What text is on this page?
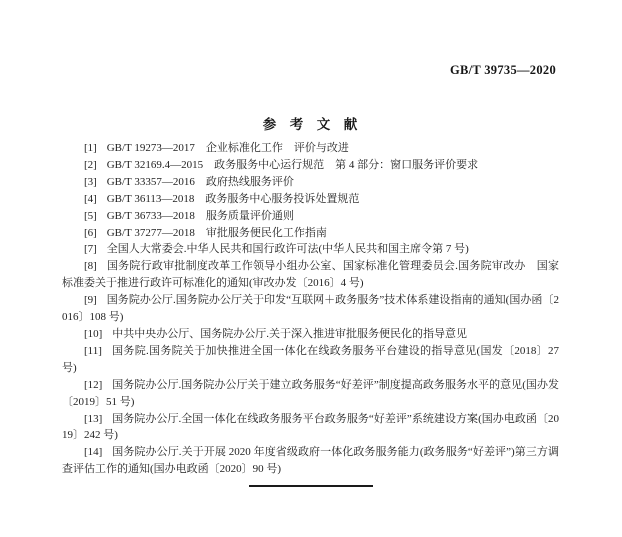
GB/T 39735—2020
参　考　文　献

[1] GB/T 19273—2017　企业标准化工作　评价与改进

[2] GB/T 32169.4—2015　政务服务中心运行规范　第 4 部分：窗口服务评价要求

[3] GB/T 33357—2016　政府热线服务评价

[4] GB/T 36113—2018　政务服务中心服务投诉处置规范

[5] GB/T 36733—2018　服务质量评价通则

[6] GB/T 37277—2018　审批服务便民化工作指南

[7] 全国人大常委会.中华人民共和国行政许可法(中华人民共和国主席令第 7 号)

[8] 国务院行政审批制度改革工作领导小组办公室、国家标准化管理委员会.国务院审改办　国家标准委关于推进行政许可标准化的通知(审改办发〔2016〕4 号)

[9] 国务院办公厅.国务院办公厅关于印发“互联网＋政务服务”技术体系建设指南的通知(国办函〔2016〕108 号)

[10] 中共中央办公厅、国务院办公厅.关于深入推进审批服务便民化的指导意见

[11] 国务院.国务院关于加快推进全国一体化在线政务服务平台建设的指导意见(国发〔2018〕27 号)

[12] 国务院办公厅.国务院办公厅关于建立政务服务“好差评”制度提高政务服务水平的意见(国办发〔2019〕51 号)

[13] 国务院办公厅.全国一体化在线政务服务平台政务服务“好差评”系统建设方案(国办电政函〔2019〕242 号)

[14] 国务院办公厅.关于开展 2020 年度省级政府一体化政务服务能力(政务服务“好差评”)第三方调查评估工作的通知(国办电政函〔2020〕90 号)
